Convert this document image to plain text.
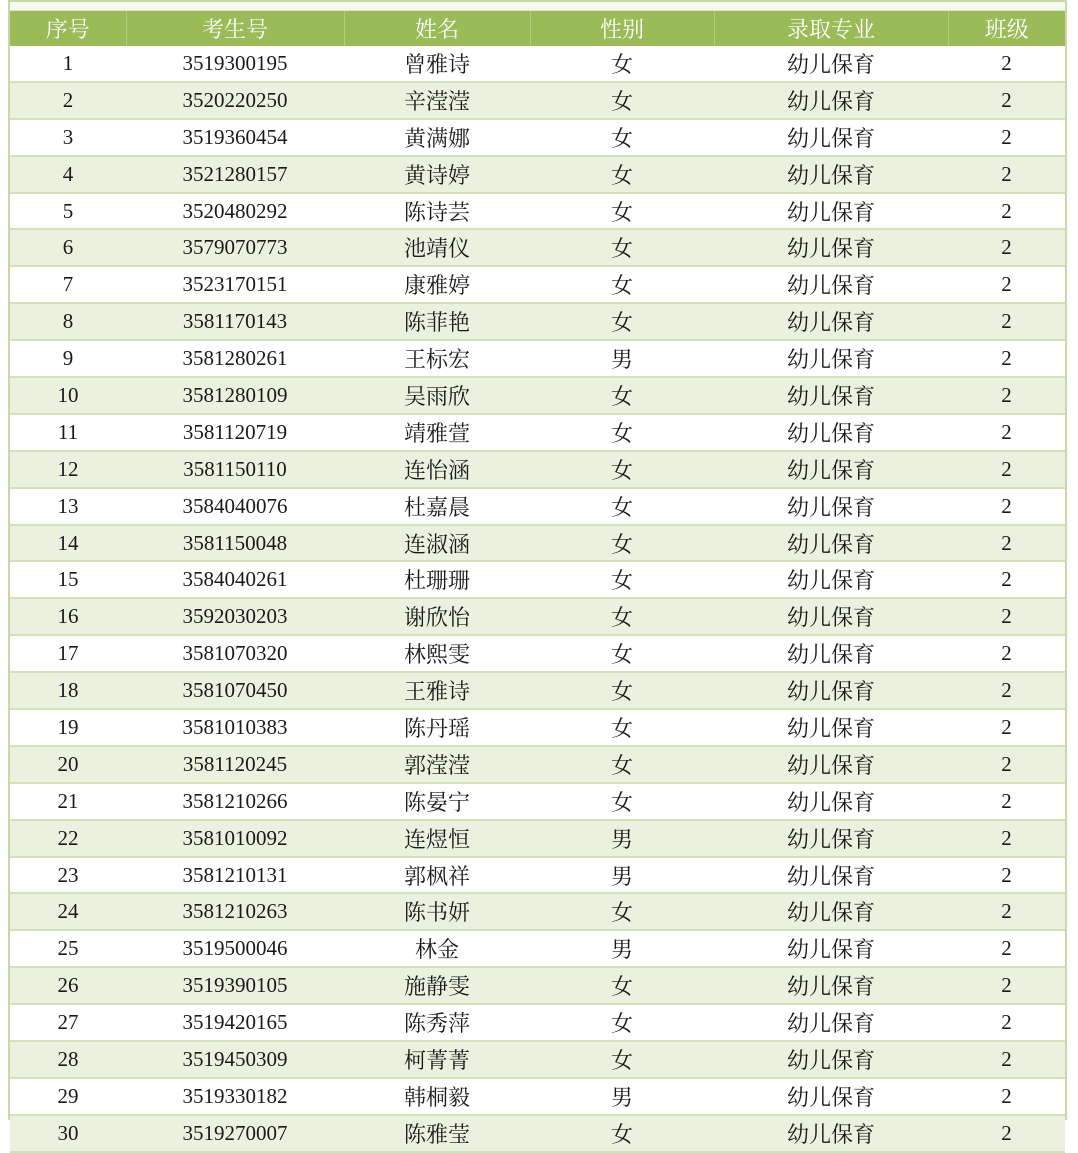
序号	考生号	姓名	性别	录取专业	班级
1	3519300195	曾雅诗	女	幼儿保育	2
2	3520220250	辛滢滢	女	幼儿保育	2
3	3519360454	黄满娜	女	幼儿保育	2
4	3521280157	黄诗婷	女	幼儿保育	2
5	3520480292	陈诗芸	女	幼儿保育	2
6	3579070773	池靖仪	女	幼儿保育	2
7	3523170151	康雅婷	女	幼儿保育	2
8	3581170143	陈菲艳	女	幼儿保育	2
9	3581280261	王标宏	男	幼儿保育	2
10	3581280109	吴雨欣	女	幼儿保育	2
11	3581120719	靖雅萱	女	幼儿保育	2
12	3581150110	连怡涵	女	幼儿保育	2
13	3584040076	杜嘉晨	女	幼儿保育	2
14	3581150048	连淑涵	女	幼儿保育	2
15	3584040261	杜珊珊	女	幼儿保育	2
16	3592030203	谢欣怡	女	幼儿保育	2
17	3581070320	林熙雯	女	幼儿保育	2
18	3581070450	王雅诗	女	幼儿保育	2
19	3581010383	陈丹瑶	女	幼儿保育	2
20	3581120245	郭滢滢	女	幼儿保育	2
21	3581210266	陈晏宁	女	幼儿保育	2
22	3581010092	连煜恒	男	幼儿保育	2
23	3581210131	郭枫祥	男	幼儿保育	2
24	3581210263	陈书妍	女	幼儿保育	2
25	3519500046	林金	男	幼儿保育	2
26	3519390105	施静雯	女	幼儿保育	2
27	3519420165	陈秀萍	女	幼儿保育	2
28	3519450309	柯菁菁	女	幼儿保育	2
29	3519330182	韩桐毅	男	幼儿保育	2
30	3519270007	陈雅莹	女	幼儿保育	2
